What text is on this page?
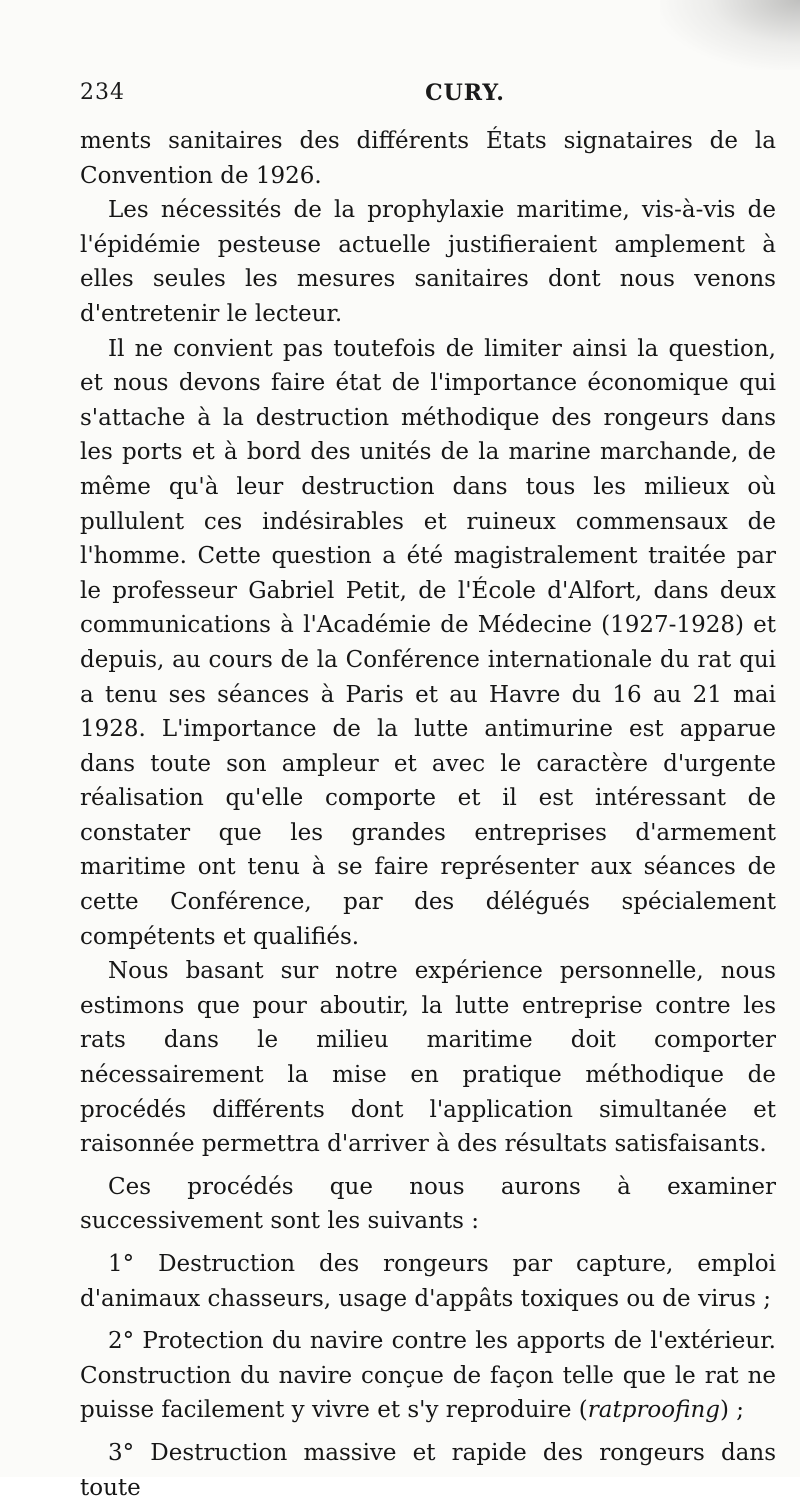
234	CURY.

ments sanitaires des différents États signataires de la Convention de 1926.

Les nécessités de la prophylaxie maritime, vis-à-vis de l'épidémie pesteuse actuelle justifieraient amplement à elles seules les mesures sanitaires dont nous venons d'entretenir le lecteur.

Il ne convient pas toutefois de limiter ainsi la question, et nous devons faire état de l'importance économique qui s'attache à la destruction méthodique des rongeurs dans les ports et à bord des unités de la marine marchande, de même qu'à leur destruction dans tous les milieux où pullulent ces indésirables et ruineux commensaux de l'homme. Cette question a été magistralement traitée par le professeur Gabriel Petit, de l'École d'Alfort, dans deux communications à l'Académie de Médecine (1927-1928) et depuis, au cours de la Conférence internationale du rat qui a tenu ses séances à Paris et au Havre du 16 au 21 mai 1928. L'importance de la lutte antimurine est apparue dans toute son ampleur et avec le caractère d'urgente réalisation qu'elle comporte et il est intéressant de constater que les grandes entreprises d'armement maritime ont tenu à se faire représenter aux séances de cette Conférence, par des délégués spécialement compétents et qualifiés.

Nous basant sur notre expérience personnelle, nous estimons que pour aboutir, la lutte entreprise contre les rats dans le milieu maritime doit comporter nécessairement la mise en pratique méthodique de procédés différents dont l'application simultanée et raisonnée permettra d'arriver à des résultats satisfaisants.

Ces procédés que nous aurons à examiner successivement sont les suivants :

1° Destruction des rongeurs par capture, emploi d'animaux chasseurs, usage d'appâts toxiques ou de virus ;

2° Protection du navire contre les apports de l'extérieur. Construction du navire conçue de façon telle que le rat ne puisse facilement y vivre et s'y reproduire (ratproofing) ;

3° Destruction massive et rapide des rongeurs dans toute
